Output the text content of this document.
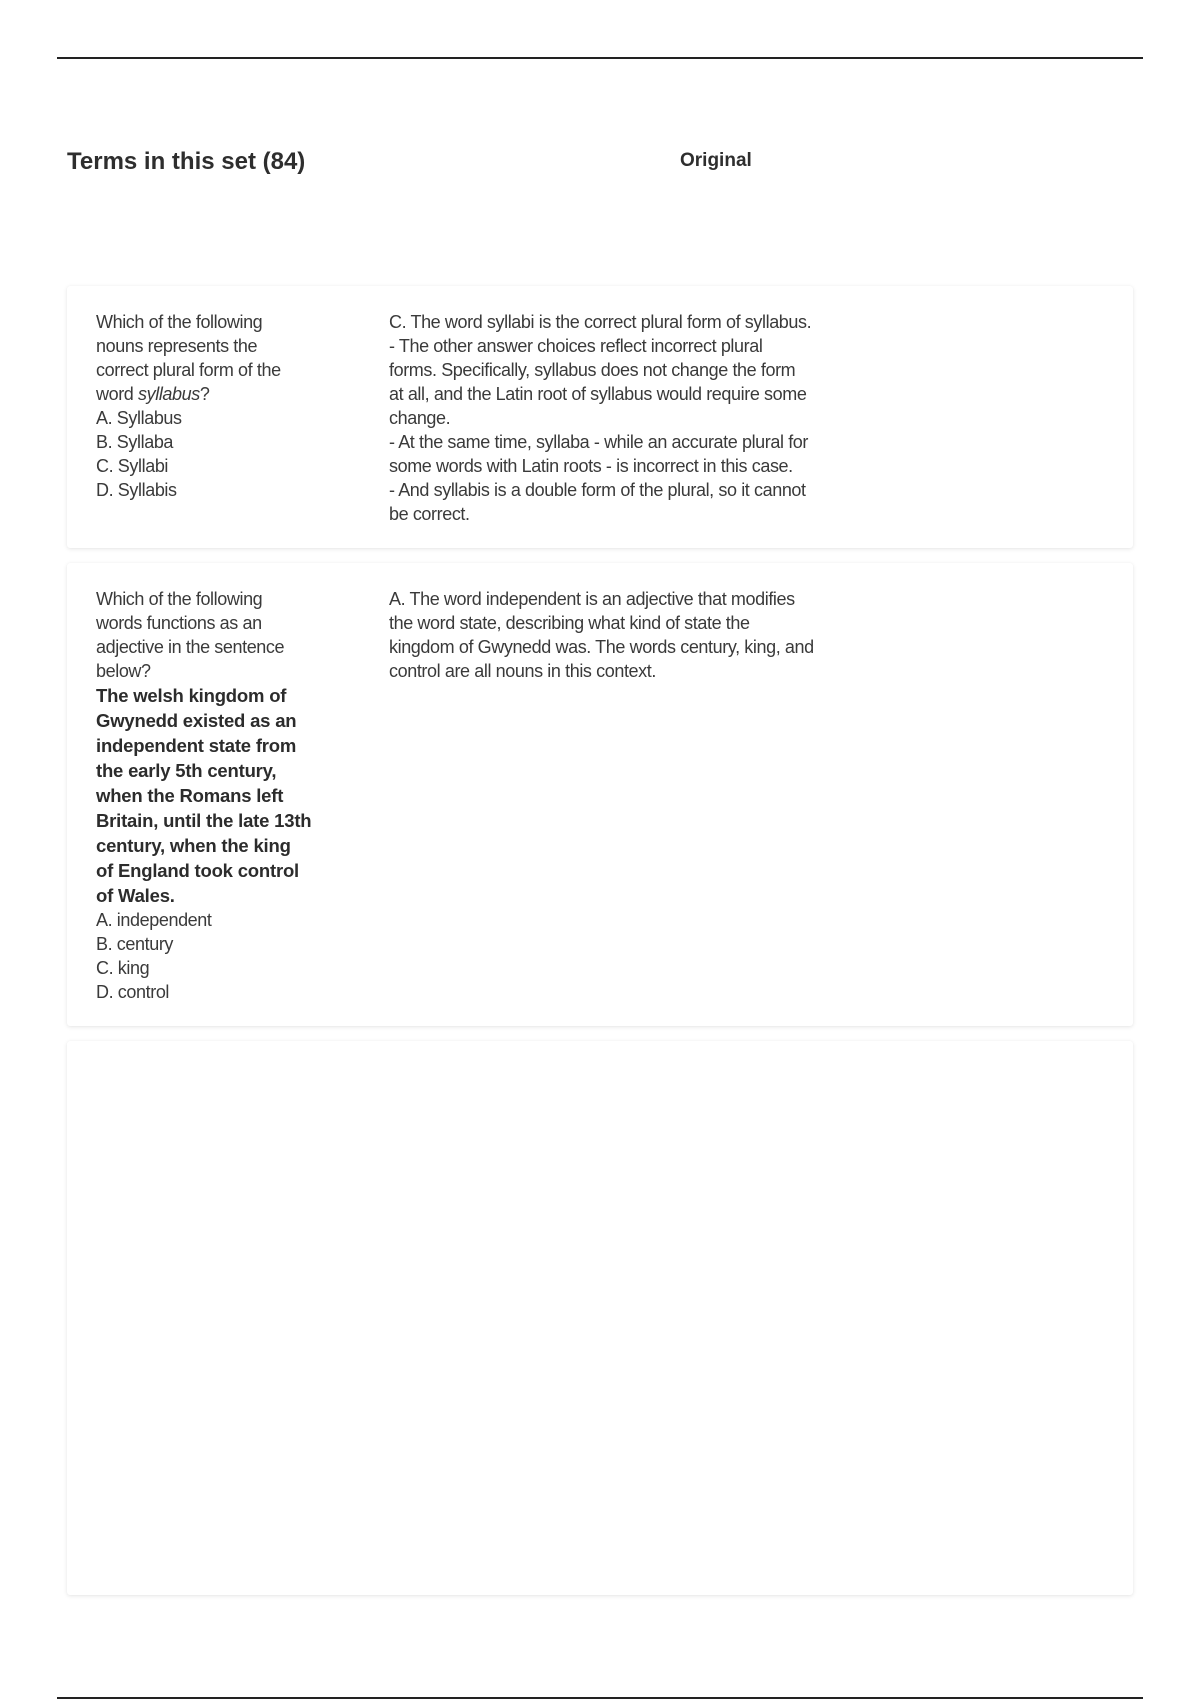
Terms in this set (84)	Original
Which of the following
nouns represents the
correct plural form of the
word syllabus?
A. Syllabus
B. Syllaba
C. Syllabi
D. Syllabis
C. The word syllabi is the correct plural form of syllabus.
- The other answer choices reflect incorrect plural
forms. Specifically, syllabus does not change the form
at all, and the Latin root of syllabus would require some
change.
- At the same time, syllaba - while an accurate plural for
some words with Latin roots - is incorrect in this case.
- And syllabis is a double form of the plural, so it cannot
be correct.
Which of the following
words functions as an
adjective in the sentence
below?
The welsh kingdom of
Gwynedd existed as an
independent state from
the early 5th century,
when the Romans left
Britain, until the late 13th
century, when the king
of England took control
of Wales.
A. independent
B. century
C. king
D. control
A. The word independent is an adjective that modifies
the word state, describing what kind of state the
kingdom of Gwynedd was. The words century, king, and
control are all nouns in this context.
